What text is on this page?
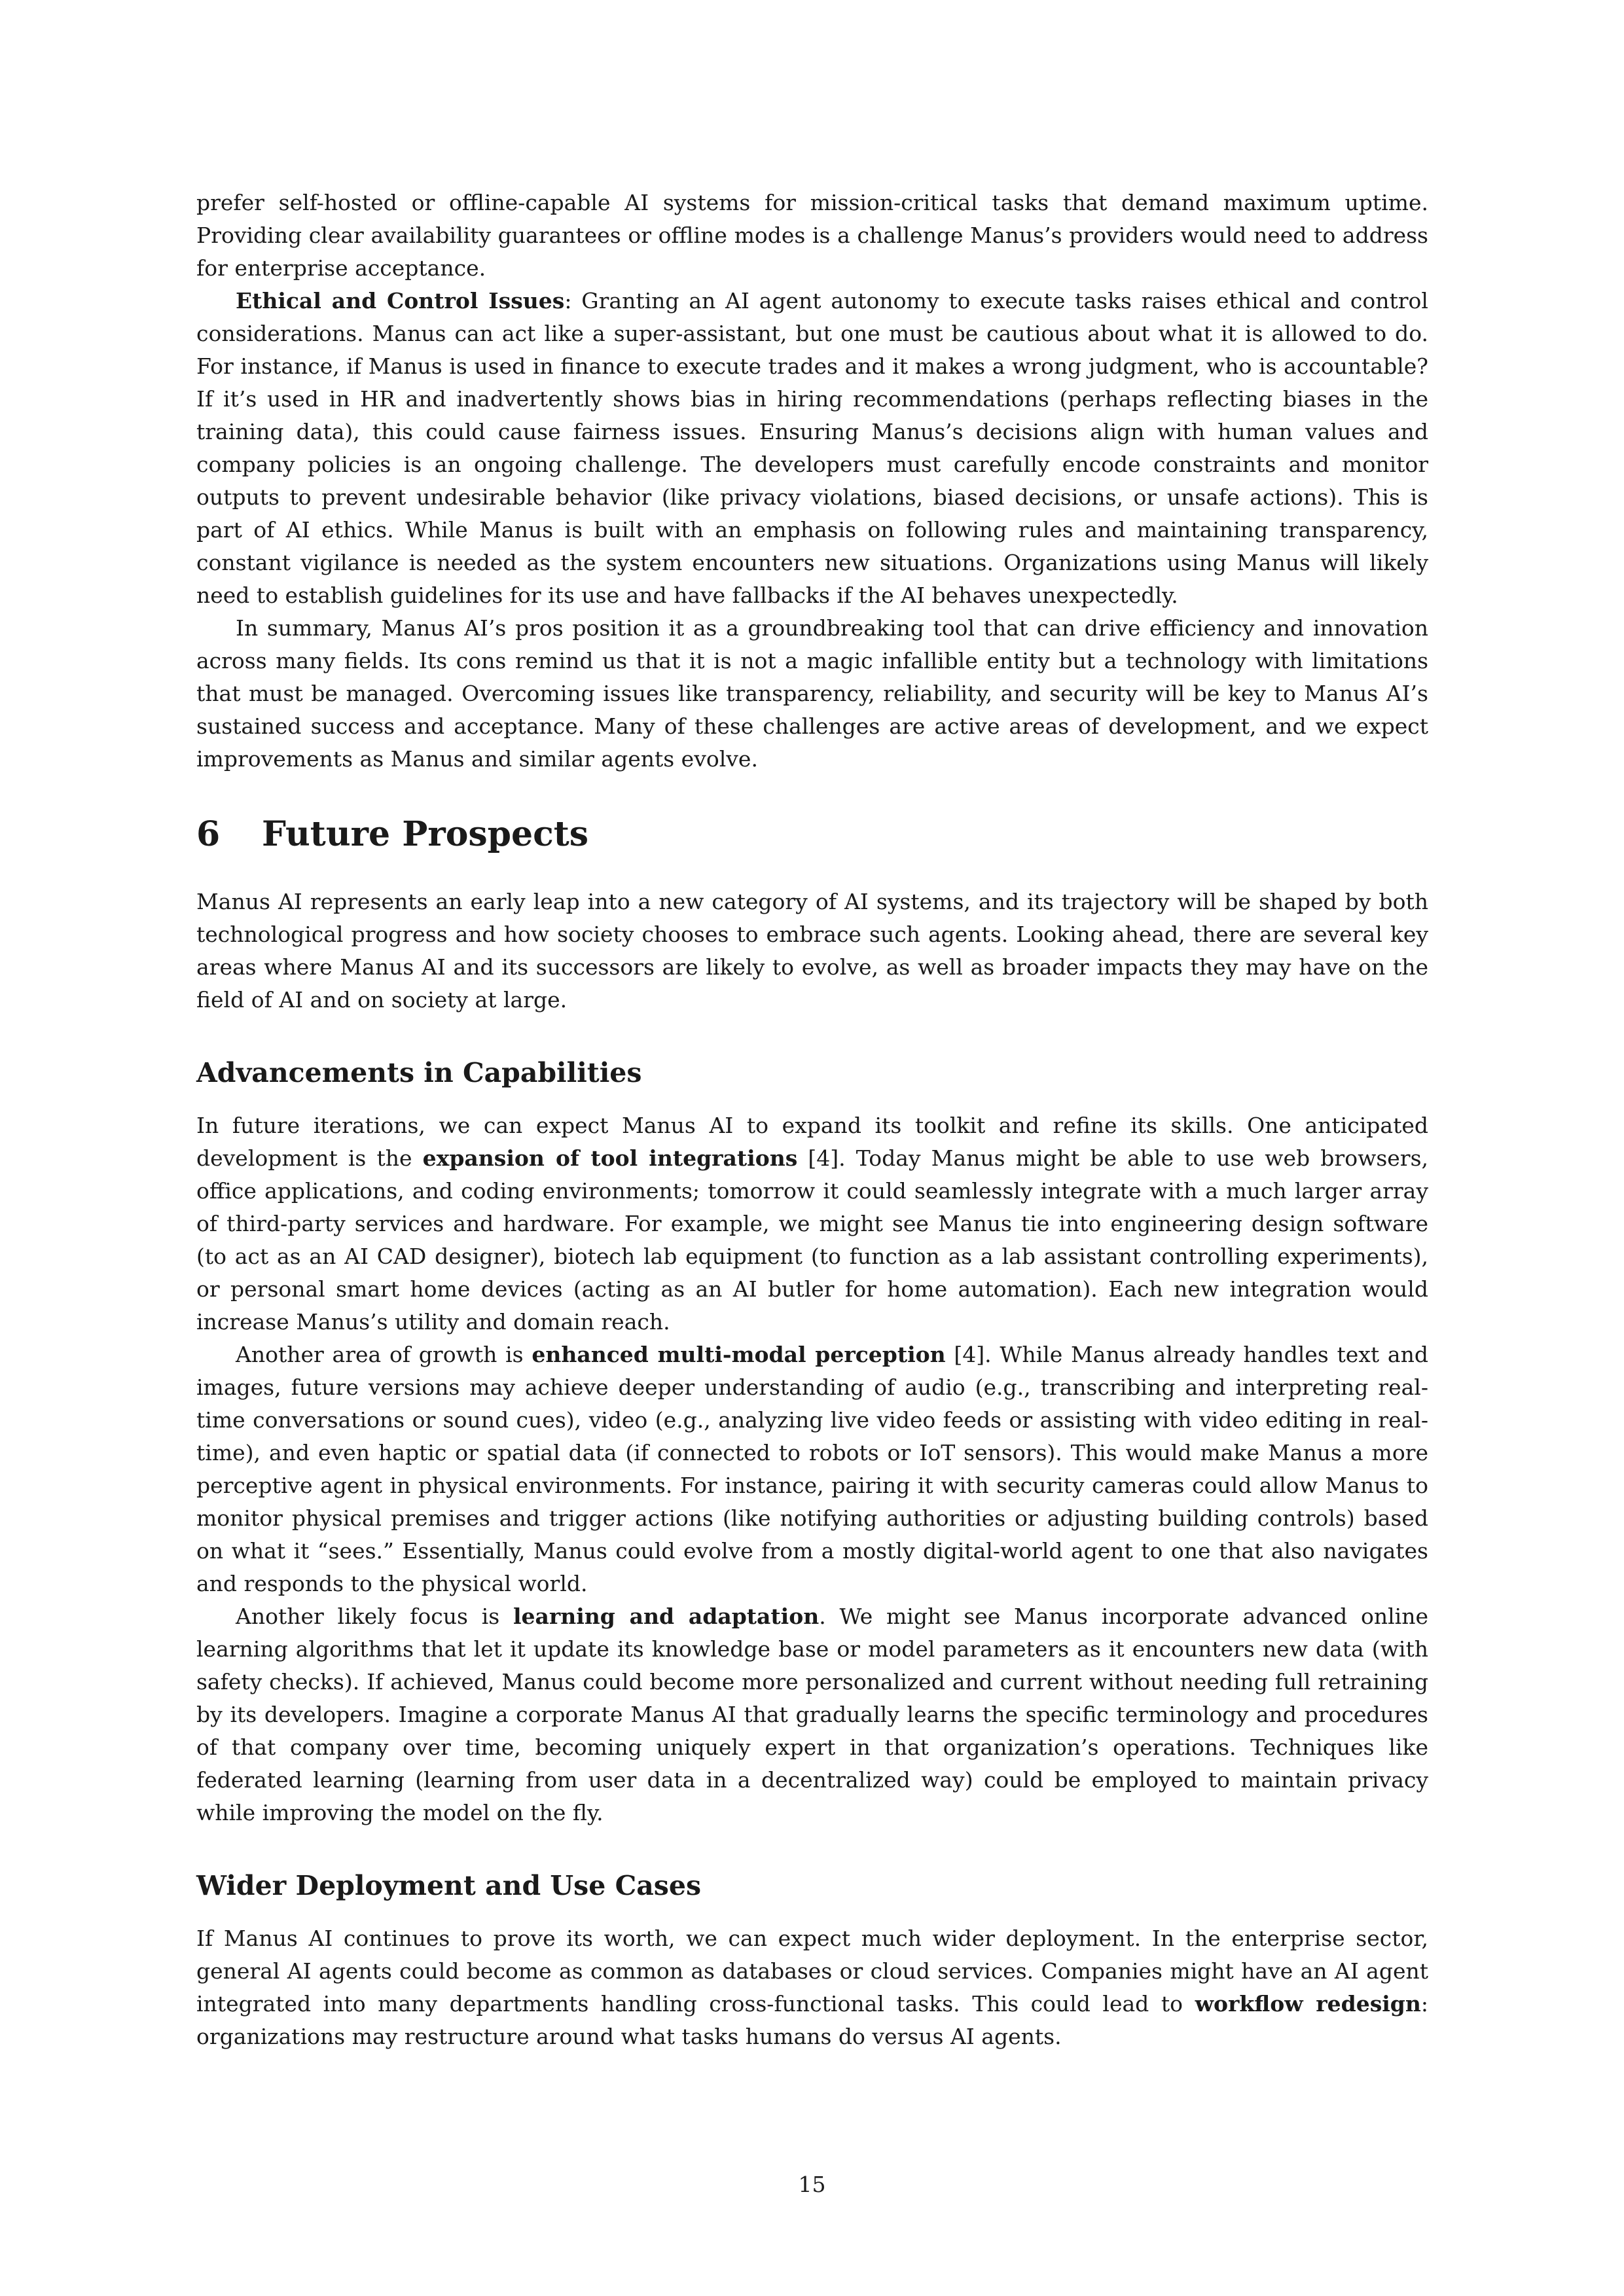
prefer self-hosted or offline-capable AI systems for mission-critical tasks that demand maximum uptime. Providing clear availability guarantees or offline modes is a challenge Manus’s providers would need to address for enterprise acceptance.

Ethical and Control Issues: Granting an AI agent autonomy to execute tasks raises ethical and control considerations. Manus can act like a super-assistant, but one must be cautious about what it is allowed to do. For instance, if Manus is used in finance to execute trades and it makes a wrong judgment, who is accountable? If it’s used in HR and inadvertently shows bias in hiring recommendations (perhaps reflecting biases in the training data), this could cause fairness issues. Ensuring Manus’s decisions align with human values and company policies is an ongoing challenge. The developers must carefully encode constraints and monitor outputs to prevent undesirable behavior (like privacy violations, biased decisions, or unsafe actions). This is part of AI ethics. While Manus is built with an emphasis on following rules and maintaining transparency, constant vigilance is needed as the system encounters new situations. Organizations using Manus will likely need to establish guidelines for its use and have fallbacks if the AI behaves unexpectedly.

In summary, Manus AI’s pros position it as a groundbreaking tool that can drive efficiency and innovation across many fields. Its cons remind us that it is not a magic infallible entity but a technology with limitations that must be managed. Overcoming issues like transparency, reliability, and security will be key to Manus AI’s sustained success and acceptance. Many of these challenges are active areas of development, and we expect improvements as Manus and similar agents evolve.

6 Future Prospects

Manus AI represents an early leap into a new category of AI systems, and its trajectory will be shaped by both technological progress and how society chooses to embrace such agents. Looking ahead, there are several key areas where Manus AI and its successors are likely to evolve, as well as broader impacts they may have on the field of AI and on society at large.

Advancements in Capabilities

In future iterations, we can expect Manus AI to expand its toolkit and refine its skills. One anticipated development is the expansion of tool integrations [4]. Today Manus might be able to use web browsers, office applications, and coding environments; tomorrow it could seamlessly integrate with a much larger array of third-party services and hardware. For example, we might see Manus tie into engineering design software (to act as an AI CAD designer), biotech lab equipment (to function as a lab assistant controlling experiments), or personal smart home devices (acting as an AI butler for home automation). Each new integration would increase Manus’s utility and domain reach.

Another area of growth is enhanced multi-modal perception [4]. While Manus already handles text and images, future versions may achieve deeper understanding of audio (e.g., transcribing and interpreting real-time conversations or sound cues), video (e.g., analyzing live video feeds or assisting with video editing in real-time), and even haptic or spatial data (if connected to robots or IoT sensors). This would make Manus a more perceptive agent in physical environments. For instance, pairing it with security cameras could allow Manus to monitor physical premises and trigger actions (like notifying authorities or adjusting building controls) based on what it “sees.” Essentially, Manus could evolve from a mostly digital-world agent to one that also navigates and responds to the physical world.

Another likely focus is learning and adaptation. We might see Manus incorporate advanced online learning algorithms that let it update its knowledge base or model parameters as it encounters new data (with safety checks). If achieved, Manus could become more personalized and current without needing full retraining by its developers. Imagine a corporate Manus AI that gradually learns the specific terminology and procedures of that company over time, becoming uniquely expert in that organization’s operations. Techniques like federated learning (learning from user data in a decentralized way) could be employed to maintain privacy while improving the model on the fly.

Wider Deployment and Use Cases

If Manus AI continues to prove its worth, we can expect much wider deployment. In the enterprise sector, general AI agents could become as common as databases or cloud services. Companies might have an AI agent integrated into many departments handling cross-functional tasks. This could lead to workflow redesign: organizations may restructure around what tasks humans do versus AI agents.

15
